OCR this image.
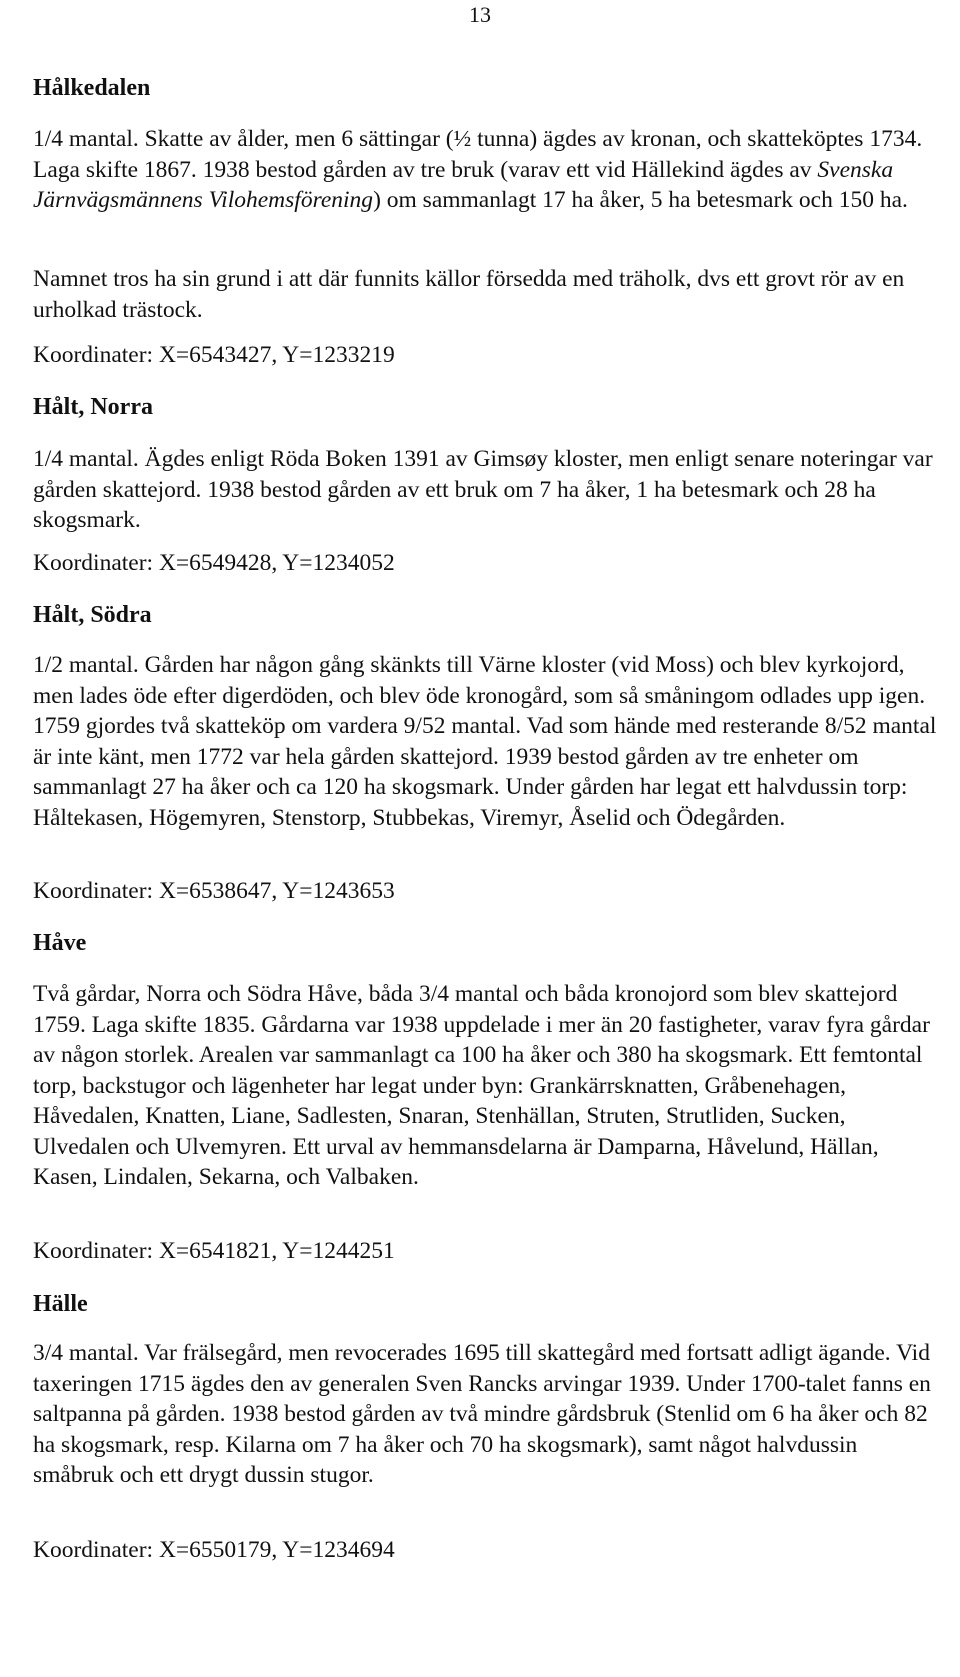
13
Hålkedalen

1/4 mantal. Skatte av ålder, men 6 sättingar (½ tunna) ägdes av kronan, och skatteköptes 1734. Laga skifte 1867. 1938 bestod gården av tre bruk (varav ett vid Hällekind ägdes av Svenska Järnvägsmännens Vilohemsförening) om sammanlagt 17 ha åker, 5 ha betesmark och 150 ha.

Namnet tros ha sin grund i att där funnits källor försedda med träholk, dvs ett grovt rör av en urholkad trästock.

Koordinater: X=6543427, Y=1233219

Hålt, Norra

1/4 mantal. Ägdes enligt Röda Boken 1391 av Gimsøy kloster, men enligt senare noteringar var gården skattejord. 1938 bestod gården av ett bruk om 7 ha åker, 1 ha betesmark och 28 ha skogsmark.

Koordinater: X=6549428, Y=1234052

Hålt, Södra

1/2 mantal. Gården har någon gång skänkts till Värne kloster (vid Moss) och blev kyrkojord, men lades öde efter digerdöden, och blev öde kronogård, som så småningom odlades upp igen. 1759 gjordes två skatteköp om vardera 9/52 mantal. Vad som hände med resterande 8/52 mantal är inte känt, men 1772 var hela gården skattejord. 1939 bestod gården av tre enheter om sammanlagt 27 ha åker och ca 120 ha skogsmark. Under gården har legat ett halvdussin torp: Håltekasen, Högemyren, Stenstorp, Stubbekas, Viremyr, Åselid och Ödegården.

Koordinater: X=6538647, Y=1243653

Håve

Två gårdar, Norra och Södra Håve, båda 3/4 mantal och båda kronojord som blev skattejord 1759. Laga skifte 1835. Gårdarna var 1938 uppdelade i mer än 20 fastigheter, varav fyra gårdar av någon storlek. Arealen var sammanlagt ca 100 ha åker och 380 ha skogsmark. Ett femtontal torp, backstugor och lägenheter har legat under byn: Grankärrsknatten, Gråbenehagen, Håvedalen, Knatten, Liane, Sadlesten, Snaran, Stenhällan, Struten, Strutliden, Sucken, Ulvedalen och Ulvemyren. Ett urval av hemmansdelarna är Damparna, Håvelund, Hällan, Kasen, Lindalen, Sekarna, och Valbaken.

Koordinater: X=6541821, Y=1244251

Hälle

3/4 mantal. Var frälsegård, men revocerades 1695 till skattegård med fortsatt adligt ägande. Vid taxeringen 1715 ägdes den av generalen Sven Rancks arvingar 1939. Under 1700-talet fanns en saltpanna på gården. 1938 bestod gården av två mindre gårdsbruk (Stenlid om 6 ha åker och 82 ha skogsmark, resp. Kilarna om 7 ha åker och 70 ha skogsmark), samt något halvdussin småbruk och ett drygt dussin stugor.

Koordinater: X=6550179, Y=1234694
